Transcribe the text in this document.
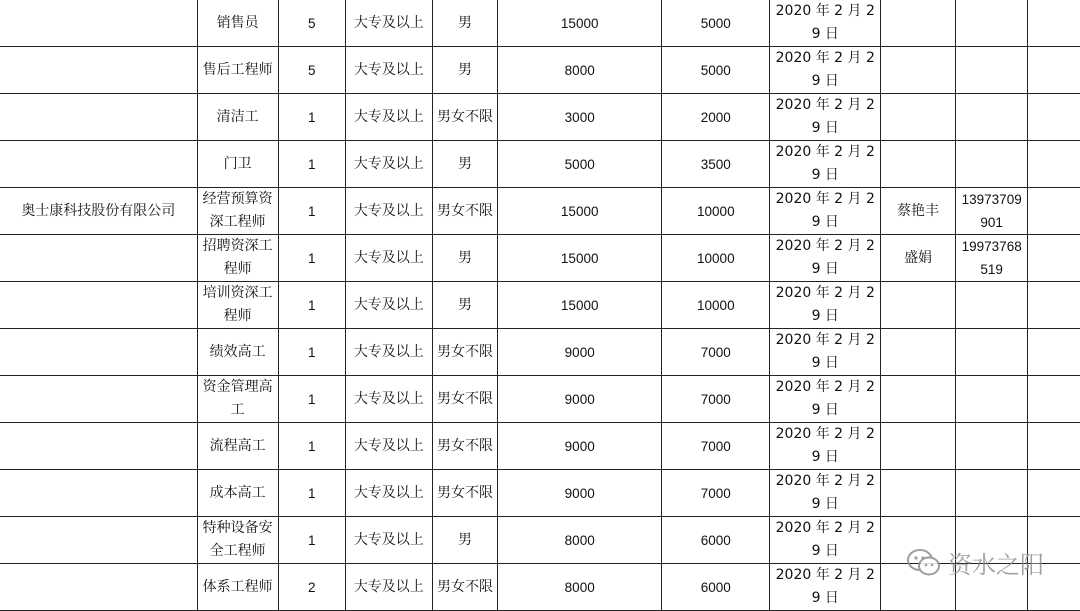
	销售员	5	大专及以上	男	15000	5000	2020 年 2 月 29 日			
	售后工程师	5	大专及以上	男	8000	5000	2020 年 2 月 29 日			
	清洁工	1	大专及以上	男女不限	3000	2000	2020 年 2 月 29 日			
	门卫	1	大专及以上	男	5000	3500	2020 年 2 月 29 日			
奥士康科技股份有限公司	经营预算资深工程师	1	大专及以上	男女不限	15000	10000	2020 年 2 月 29 日	蔡艳丰	13973709901	
	招聘资深工程师	1	大专及以上	男	15000	10000	2020 年 2 月 29 日	盛娟	19973768519	
	培训资深工程师	1	大专及以上	男	15000	10000	2020 年 2 月 29 日			
	绩效高工	1	大专及以上	男女不限	9000	7000	2020 年 2 月 29 日			
	资金管理高工	1	大专及以上	男女不限	9000	7000	2020 年 2 月 29 日			
	流程高工	1	大专及以上	男女不限	9000	7000	2020 年 2 月 29 日			
	成本高工	1	大专及以上	男女不限	9000	7000	2020 年 2 月 29 日			
	特种设备安全工程师	1	大专及以上	男	8000	6000	2020 年 2 月 29 日			
	体系工程师	2	大专及以上	男女不限	8000	6000	2020 年 2 月 29 日			
资水之阳
